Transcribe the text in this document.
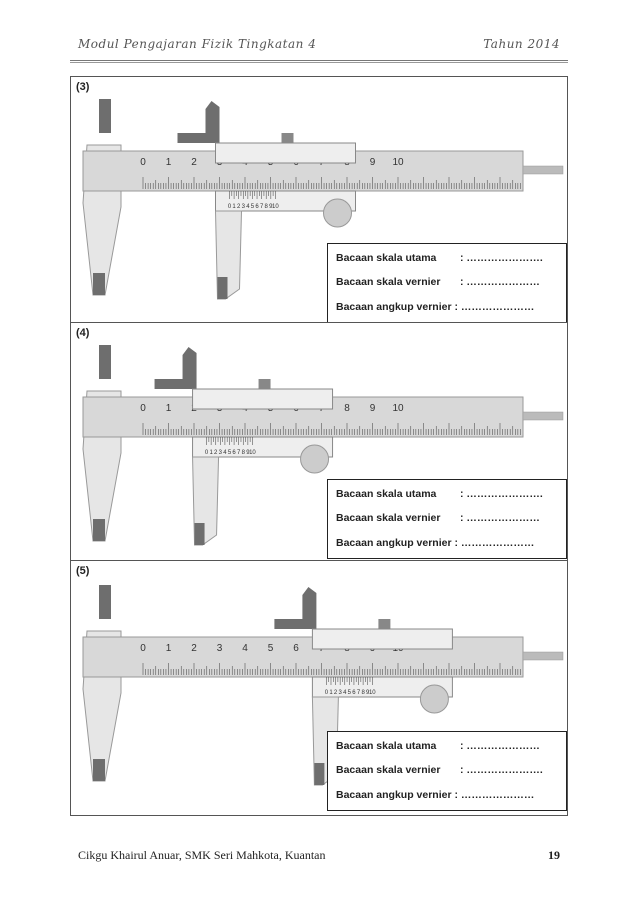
Modul Pengajaran Fizik Tingkatan 4	Tahun 2014
0 1 2	9 10
0 1 2 3 4 5 6 7 8 9 10
(3)
Bacaan skala utama : ………………….
Bacaan skala vernier : …………………
Bacaan angkup vernier : …………………
0 1	8 9 10
0 1 2 3 4 5 6 7 8 9 10
(4)
Bacaan skala utama : ………………….
Bacaan skala vernier : …………………
Bacaan angkup vernier : …………………
0 1 2 3 4 5 6
0 1 2 3 4 5 6 7 8 9 10
(5)
Bacaan skala utama : …………………
Bacaan skala vernier : ………………….
Bacaan angkup vernier : …………………
Cikgu Khairul Anuar, SMK Seri Mahkota, Kuantan	19
